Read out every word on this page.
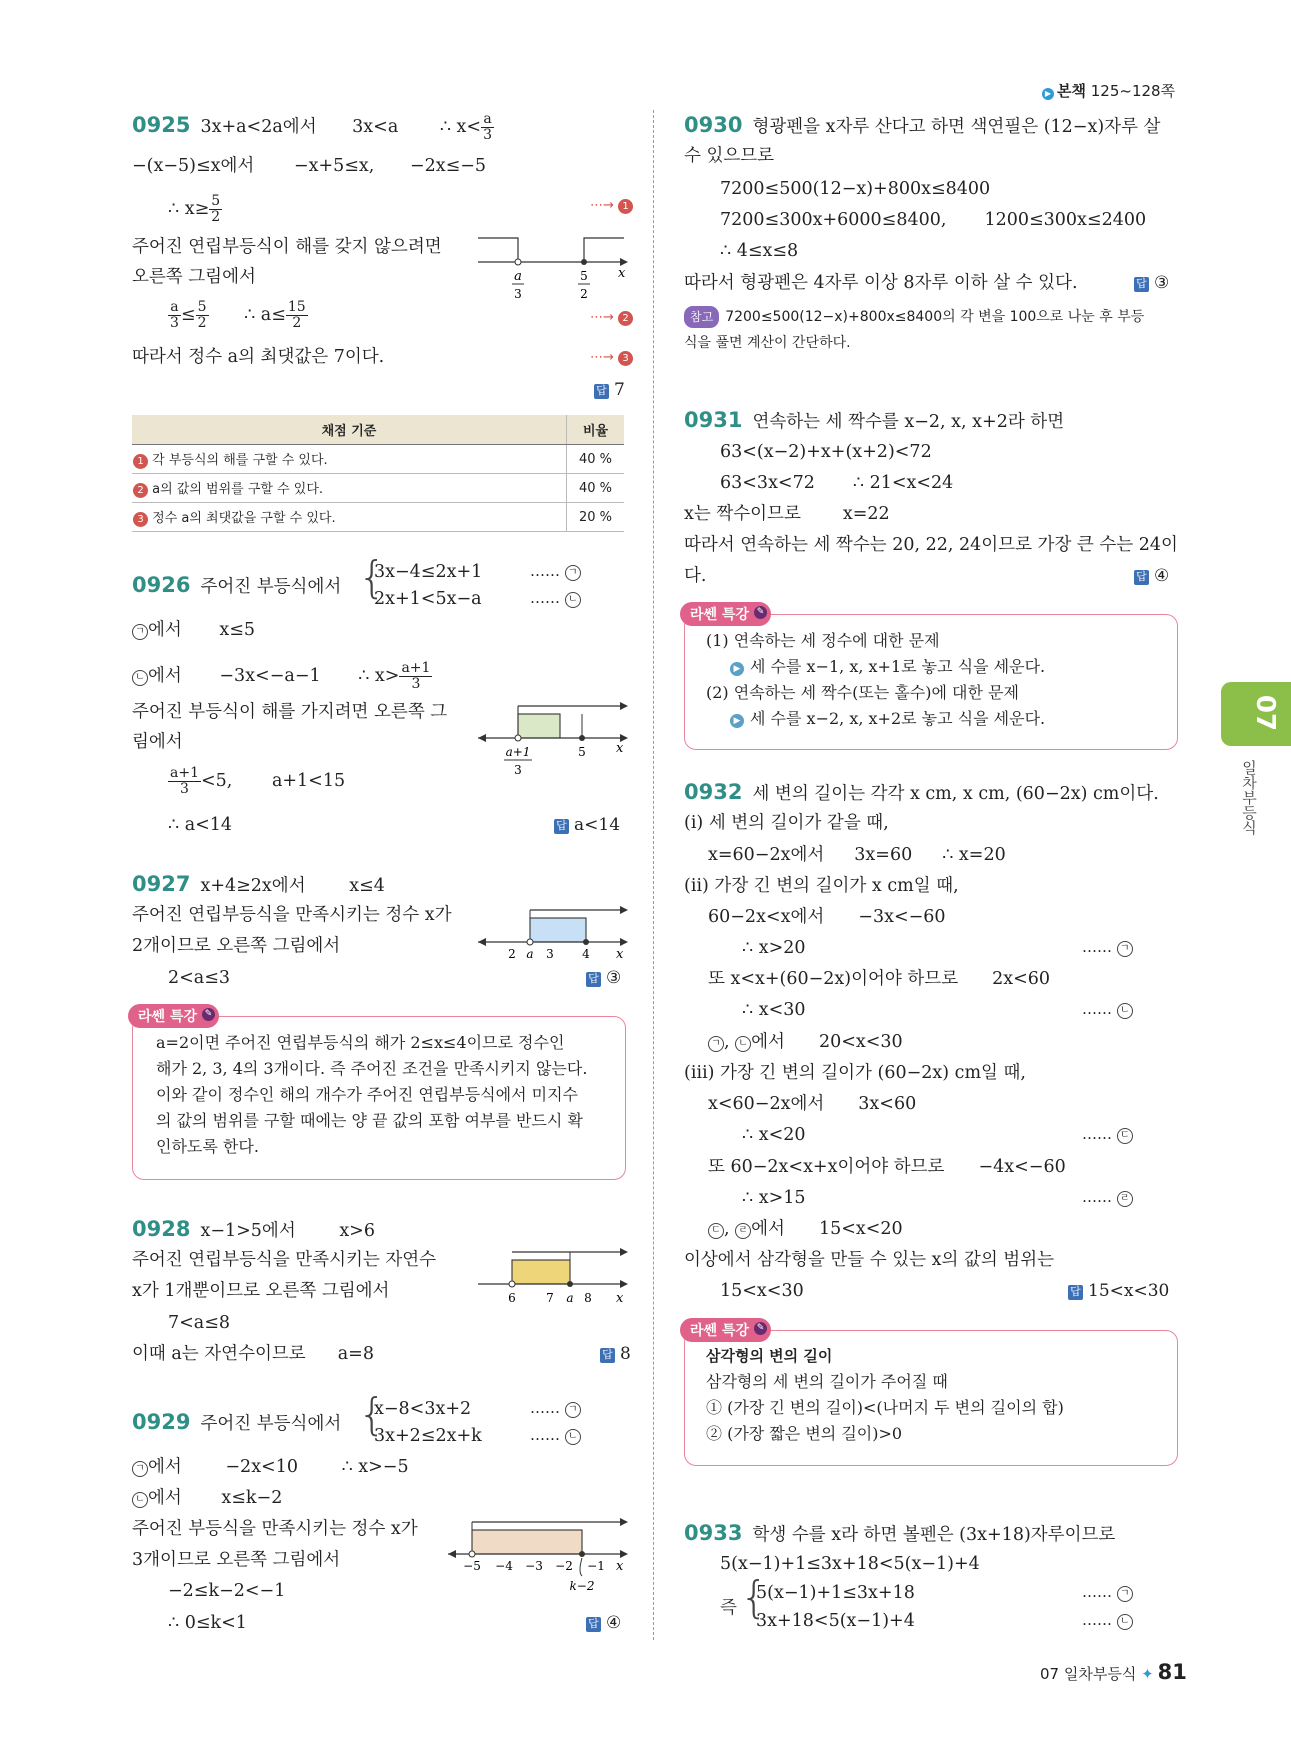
▶ 본책 125~128쪽
0925 3x+a<2a에서 3x<a ∴ $x< \frac{a}{3}$
−(x−5)≤x에서 −x+5≤x, −2x≤−5
∴ $x\ge \frac{5}{2}$	⋯→ 1
주어진 연립부등식이 해를 갖지 않으려면
오른쪽 그림에서
$\frac{a}{3} \le \frac{5}{2}$ ∴ $a\le \frac{15}{2}$	⋯→ 2
따라서 정수 a의 최댓값은 7이다.	⋯→ 3
답 7
a
3
5
2
x
채점 기준	비율
1 각 부등식의 해를 구할 수 있다.	40 %
2 a의 값의 범위를 구할 수 있다.	40 %
3 정수 a의 최댓값을 구할 수 있다.	20 %
0926 주어진 부등식에서 {
3x−4≤2x+1
2x+1<5x−a
…… ㄱ
…… ㄴ
ㄱ 에서 x≤5
ㄴ 에서 −3x<−a−1 ∴ $x> \frac{a+1}{3}$
주어진 부등식이 해를 가지려면 오른쪽 그
림에서
$\frac{a+1}{3} <5$, a+1<15
∴ a<14	답 a<14
a+1
3
5 x
0927 x+4≥2x에서 x≤4
주어진 연립부등식을 만족시키는 정수 x가
2개이므로 오른쪽 그림에서
2<a≤3	답 ③
2 a 3 4 x
라쎈 특강 ✎

a=2이면 주어진 연립부등식의 해가 2≤x≤4이므로 정수인

해가 2, 3, 4의 3개이다. 즉 주어진 조건을 만족시키지 않는다.

이와 같이 정수인 해의 개수가 주어진 연립부등식에서 미지수

의 값의 범위를 구할 때에는 양 끝 값의 포함 여부를 반드시 확

인하도록 한다.

0928 x−1>5에서 x>6
주어진 연립부등식을 만족시키는 자연수
x가 1개뿐이므로 오른쪽 그림에서
7<a≤8
이때 a는 자연수이므로 a=8	답 8
6	7 a 8 x
0929 주어진 부등식에서 {
x−8<3x+2
3x+2≤2x+k
…… ㄱ
…… ㄴ
ㄱ 에서 −2x<10 ∴ x>−5
ㄴ 에서 x≤k−2
주어진 부등식을 만족시키는 정수 x가
3개이므로 오른쪽 그림에서
−2≤k−2<−1
∴ 0≤k<1	답 ④
−5 −4 −3 −2 −1
k−2
x
0930 형광펜을 x자루 산다고 하면 색연필은 (12−x)자루 살
수 있으므로
7200≤500(12−x)+800x≤8400
7200≤300x+6000≤8400, 1200≤300x≤2400
∴ 4≤x≤8
따라서 형광펜은 4자루 이상 8자루 이하 살 수 있다.	답 ③
참고 7200≤500(12−x)+800x≤8400의 각 변을 100으로 나눈 후 부등
식을 풀면 계산이 간단하다.
0931 연속하는 세 짝수를 x−2, x, x+2라 하면
63<(x−2)+x+(x+2)<72
63<3x<72 ∴ 21<x<24
x는 짝수이므로 x=22
따라서 연속하는 세 짝수는 20, 22, 24이므로 가장 큰 수는 24이
다.	답 ④
라쎈 특강 ✎

(1) 연속하는 세 정수에 대한 문제

▶ 세 수를 x−1, x, x+1로 놓고 식을 세운다.

(2) 연속하는 세 짝수(또는 홀수)에 대한 문제

▶ 세 수를 x−2, x, x+2로 놓고 식을 세운다.

0932 세 변의 길이는 각각 x cm, x cm, (60−2x) cm이다.
(ⅰ) 세 변의 길이가 같을 때,
x=60−2x에서 3x=60 ∴ x=20
(ⅱ) 가장 긴 변의 길이가 x cm일 때,
60−2x<x에서 −3x<−60
∴ x>20	…… ㄱ
또 x<x+(60−2x)이어야 하므로 2x<60
∴ x<30	…… ㄴ
ㄱ , ㄴ 에서 20<x<30
(ⅲ) 가장 긴 변의 길이가 (60−2x) cm일 때,
x<60−2x에서 3x<60
∴ x<20	…… ㄷ
또 60−2x<x+x이어야 하므로 −4x<−60
∴ x>15	…… ㄹ
ㄷ , ㄹ 에서 15<x<20
이상에서 삼각형을 만들 수 있는 x의 값의 범위는
15<x<30	답 15<x<30
라쎈 특강 ✎

삼각형의 변의 길이

삼각형의 세 변의 길이가 주어질 때

① (가장 긴 변의 길이)<(나머지 두 변의 길이의 합)

② (가장 짧은 변의 길이)>0

0933 학생 수를 x라 하면 볼펜은 (3x+18)자루이므로
5(x−1)+1≤3x+18<5(x−1)+4
즉 {
5(x−1)+1≤3x+18
3x+18<5(x−1)+4
…… ㄱ
…… ㄴ
07
일차부등식
07 일차부등식 ✦ 81
